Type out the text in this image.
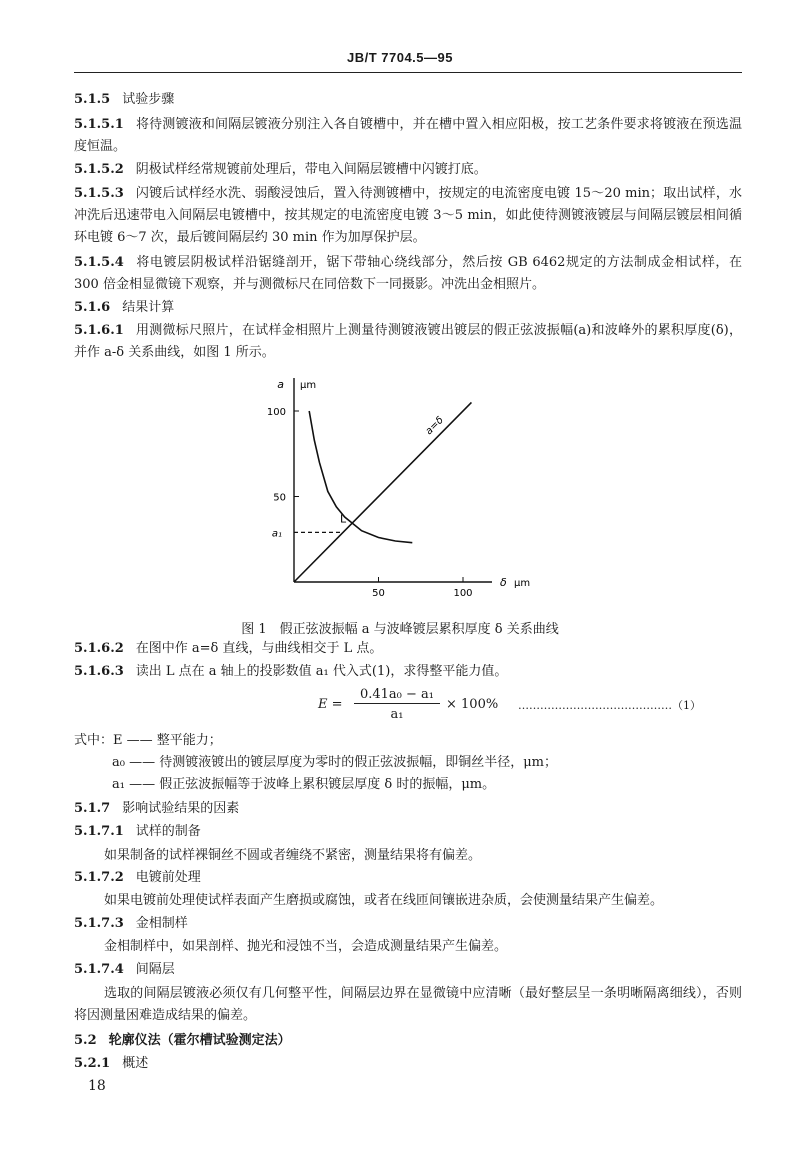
JB/T 7704.5—95
5.1.5 试验步骤
5.1.5.1 将待测镀液和间隔层镀液分别注入各自镀槽中，并在槽中置入相应阳极，按工艺条件要求将镀液在预选温度恒温。
5.1.5.2 阴极试样经常规镀前处理后，带电入间隔层镀槽中闪镀打底。
5.1.5.3 闪镀后试样经水洗、弱酸浸蚀后，置入待测镀槽中，按规定的电流密度电镀 15～20 min；取出试样，水冲洗后迅速带电入间隔层电镀槽中，按其规定的电流密度电镀 3～5 min，如此使待测镀液镀层与间隔层镀层相间循环电镀 6～7 次，最后镀间隔层约 30 min 作为加厚保护层。
5.1.5.4 将电镀层阴极试样沿锯缝剖开，锯下带轴心绕线部分，然后按 GB 6462规定的方法制成金相试样，在 300 倍金相显微镜下观察，并与测微标尺在同倍数下一同摄影。冲洗出金相照片。
5.1.6 结果计算
5.1.6.1 用测微标尺照片，在试样金相照片上测量待测镀液镀出镀层的假正弦波振幅(a)和波峰外的累积厚度(δ)，并作 a-δ 关系曲线，如图 1 所示。
50
100
50	100
a μm
δ μm
a=δ
L
a₁
图 1　假正弦波振幅 a 与波峰镀层累积厚度 δ 关系曲线
5.1.6.2 在图中作 a=δ 直线，与曲线相交于 L 点。
5.1.6.3 读出 L 点在 a 轴上的投影数值 a₁ 代入式(1)，求得整平能力值。
E =
0.41a₀ − a₁
a₁
× 100% ……………………………………（1）
式中：E —— 整平能力；
a₀ —— 待测镀液镀出的镀层厚度为零时的假正弦波振幅，即铜丝半径，μm；
a₁ —— 假正弦波振幅等于波峰上累积镀层厚度 δ 时的振幅，μm。
5.1.7 影响试验结果的因素
5.1.7.1 试样的制备
如果制备的试样裸铜丝不圆或者缠绕不紧密，测量结果将有偏差。
5.1.7.2 电镀前处理
如果电镀前处理使试样表面产生磨损或腐蚀，或者在线匝间镶嵌进杂质，会使测量结果产生偏差。
5.1.7.3 金相制样
金相制样中，如果剖样、抛光和浸蚀不当，会造成测量结果产生偏差。
5.1.7.4 间隔层
选取的间隔层镀液必须仅有几何整平性，间隔层边界在显微镜中应清晰（最好整层呈一条明晰隔离细线），否则将因测量困难造成结果的偏差。
5.2 轮廓仪法（霍尔槽试验测定法）
5.2.1 概述
18
